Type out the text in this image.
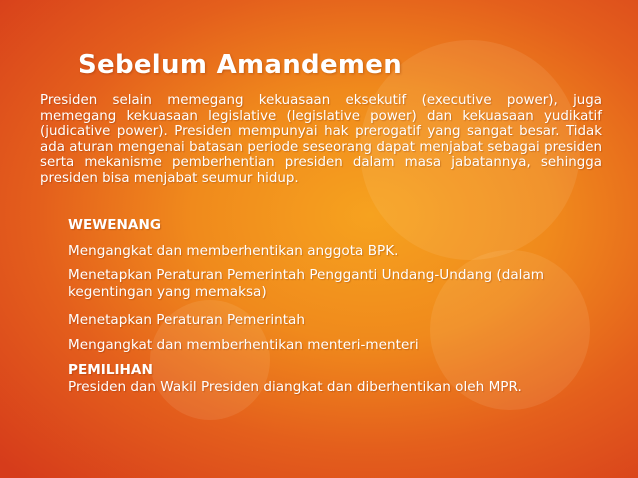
Sebelum Amandemen
Presiden selain memegang kekuasaan eksekutif (executive power), juga memegang kekuasaan legislative (legislative power) dan kekuasaan yudikatif (judicative power). Presiden mempunyai hak prerogatif yang sangat besar. Tidak ada aturan mengenai batasan periode seseorang dapat menjabat sebagai presiden serta mekanisme pemberhentian presiden dalam masa jabatannya, sehingga presiden bisa menjabat seumur hidup.
WEWENANG
Mengangkat dan memberhentikan anggota BPK.
Menetapkan Peraturan Pemerintah Pengganti Undang-Undang (dalam kegentingan yang memaksa)
Menetapkan Peraturan Pemerintah
Mengangkat dan memberhentikan menteri-menteri
PEMILIHAN
Presiden dan Wakil Presiden diangkat dan diberhentikan oleh MPR.
